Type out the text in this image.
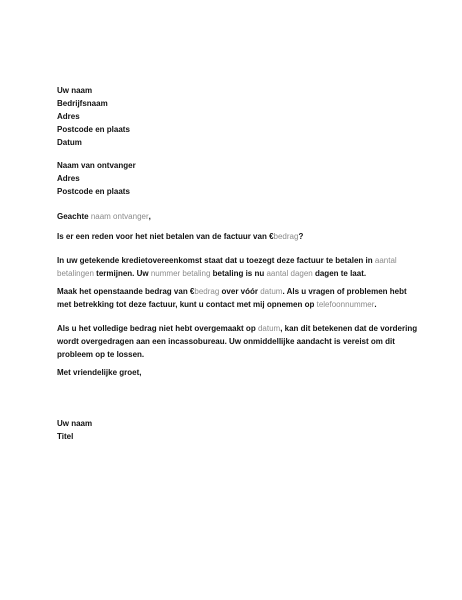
Uw naam
Bedrijfsnaam
Adres
Postcode en plaats
Datum
Naam van ontvanger
Adres
Postcode en plaats
Geachte naam ontvanger,
Is er een reden voor het niet betalen van de factuur van €bedrag?
In uw getekende kredietovereenkomst staat dat u toezegt deze factuur te betalen in aantal
betalingen termijnen. Uw nummer betaling betaling is nu aantal dagen dagen te laat.
Maak het openstaande bedrag van €bedrag over vóór datum. Als u vragen of problemen hebt
met betrekking tot deze factuur, kunt u contact met mij opnemen op telefoonnummer.
Als u het volledige bedrag niet hebt overgemaakt op datum, kan dit betekenen dat de vordering
wordt overgedragen aan een incassobureau. Uw onmiddellijke aandacht is vereist om dit
probleem op te lossen.
Met vriendelijke groet,
Uw naam
Titel
